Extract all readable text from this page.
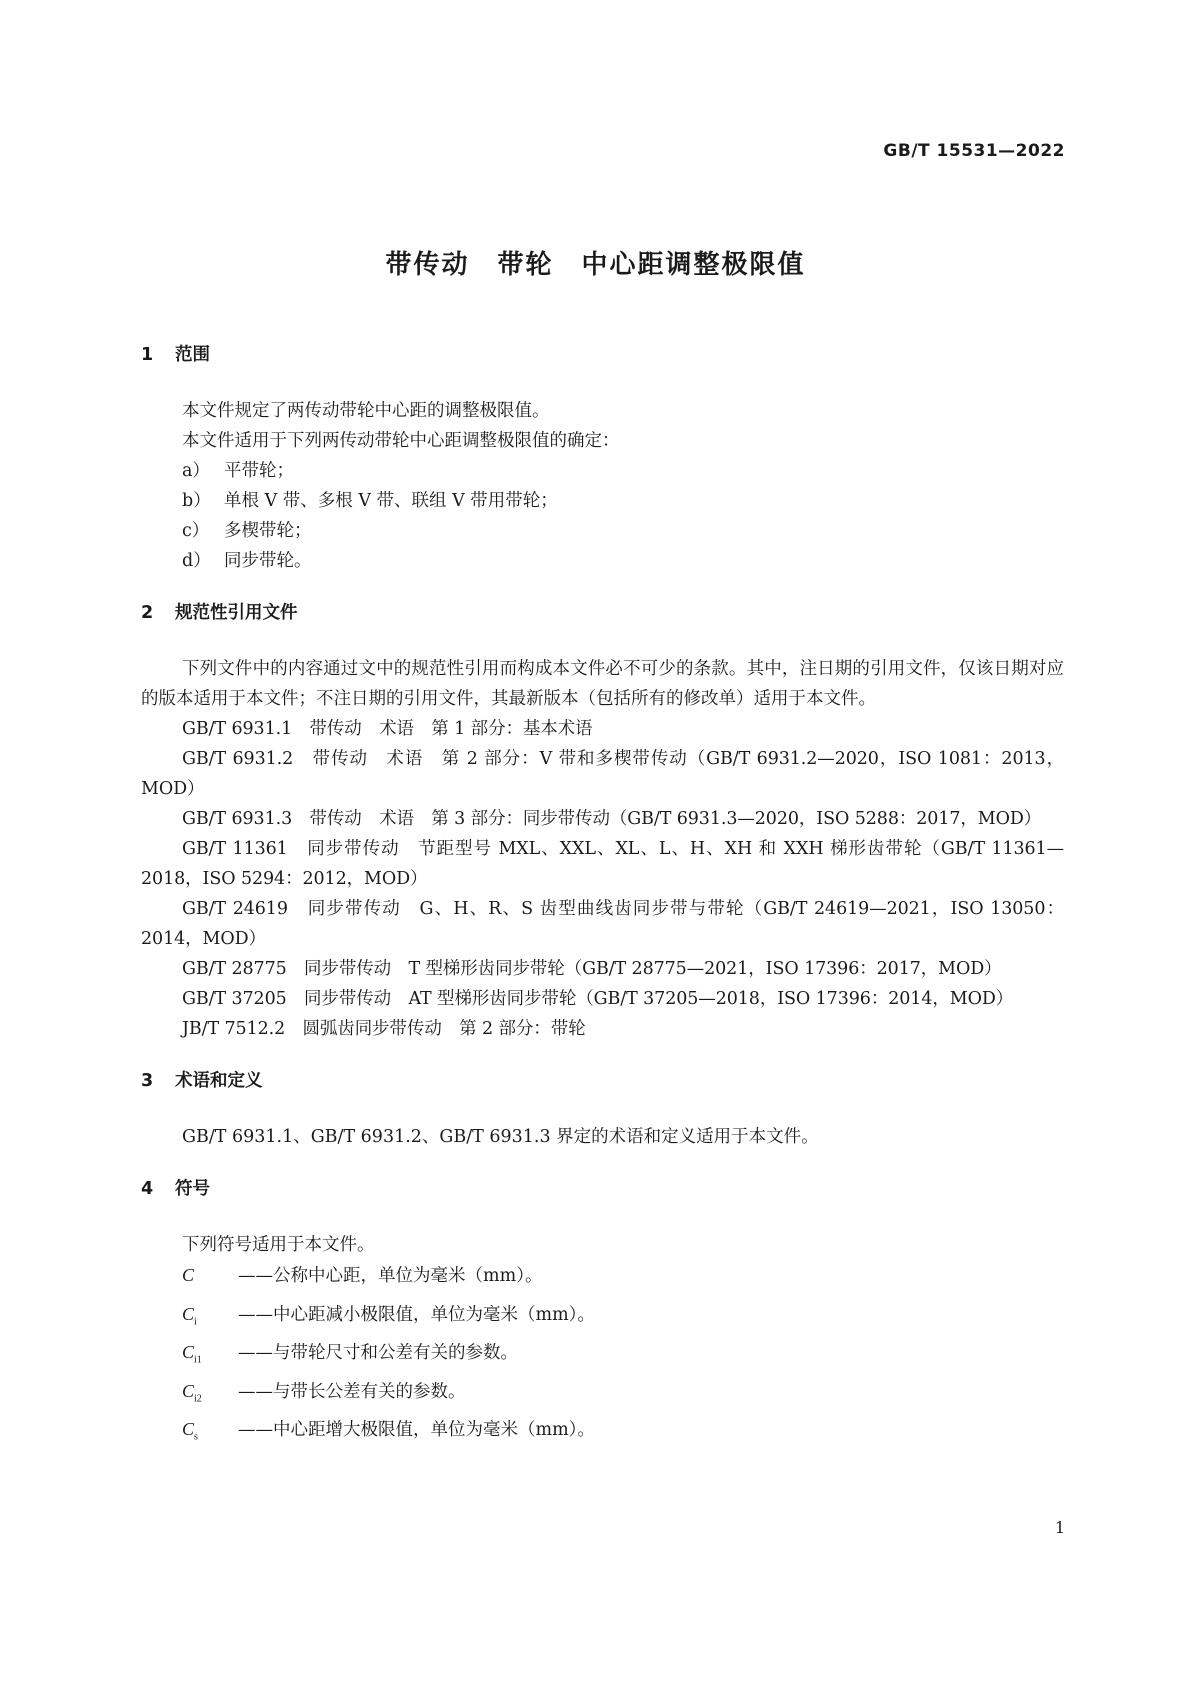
GB/T 15531—2022
带传动　带轮　中心距调整极限值
1 范围

本文件规定了两传动带轮中心距的调整极限值。

本文件适用于下列两传动带轮中心距调整极限值的确定：

a） 平带轮；

b） 单根 V 带、多根 V 带、联组 V 带用带轮；

c） 多楔带轮；

d） 同步带轮。

2 规范性引用文件

下列文件中的内容通过文中的规范性引用而构成本文件必不可少的条款。其中，注日期的引用文件，仅该日期对应的版本适用于本文件；不注日期的引用文件，其最新版本（包括所有的修改单）适用于本文件。

GB/T 6931.1　带传动　术语　第 1 部分：基本术语

GB/T 6931.2　带传动　术语　第 2 部分：V 带和多楔带传动（GB/T 6931.2—2020，ISO 1081：2013，MOD）

GB/T 6931.3　带传动　术语　第 3 部分：同步带传动（GB/T 6931.3—2020，ISO 5288：2017，MOD）

GB/T 11361　同步带传动　节距型号 MXL、XXL、XL、L、H、XH 和 XXH 梯形齿带轮（GB/T 11361—2018，ISO 5294：2012，MOD）

GB/T 24619　同步带传动　G、H、R、S 齿型曲线齿同步带与带轮（GB/T 24619—2021，ISO 13050：2014，MOD）

GB/T 28775　同步带传动　T 型梯形齿同步带轮（GB/T 28775—2021，ISO 17396：2017，MOD）

GB/T 37205　同步带传动　AT 型梯形齿同步带轮（GB/T 37205—2018，ISO 17396：2014，MOD）

JB/T 7512.2　圆弧齿同步带传动　第 2 部分：带轮

3 术语和定义

GB/T 6931.1、GB/T 6931.2、GB/T 6931.3 界定的术语和定义适用于本文件。

4 符号

下列符号适用于本文件。

C	——公称中心距，单位为毫米（mm）。

$C_i$ ——中心距减小极限值，单位为毫米（mm）。

$C_{i1}$ ——与带轮尺寸和公差有关的参数。

$C_{i2}$ ——与带长公差有关的参数。

$C_s$ ——中心距增大极限值，单位为毫米（mm）。

1
